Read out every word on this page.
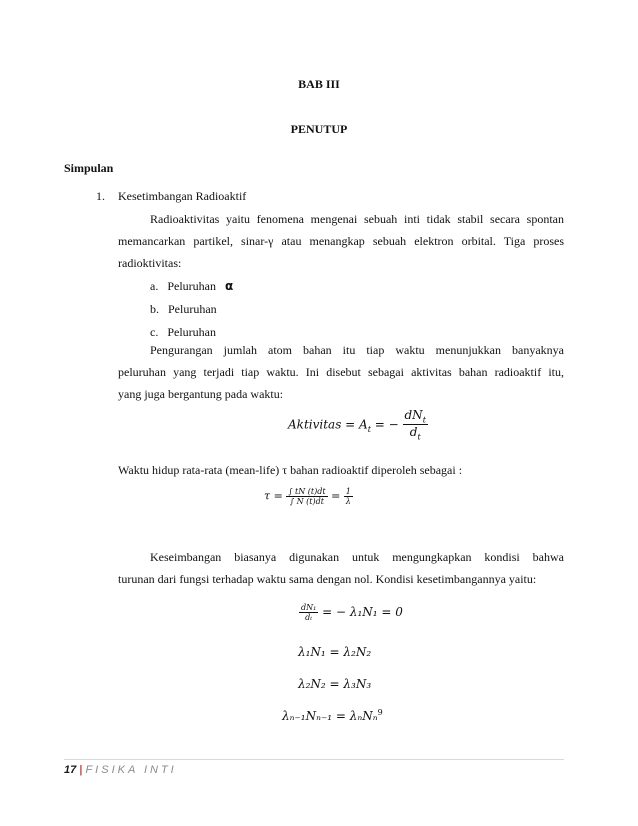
BAB III
PENUTUP
Simpulan
1. Kesetimbangan Radioaktif
Radioaktivitas yaitu fenomena mengenai sebuah inti tidak stabil secara spontan
memancarkan partikel, sinar-γ atau menangkap sebuah elektron orbital. Tiga proses
radioktivitas:
a. Peluruhan α
b. Peluruhan
c. Peluruhan
Pengurangan jumlah atom bahan itu tiap waktu menunjukkan banyaknya
peluruhan yang terjadi tiap waktu. Ini disebut sebagai aktivitas bahan radioaktif itu,
yang juga bergantung pada waktu:
Aktivitas = $A_t$ = − $\frac{dN_t}{d_t}$
Waktu hidup rata-rata (mean-life) τ bahan radioaktif diperoleh sebagai :
$\tau = \frac{\int tN (t)dt}{\int N (t)dt} = \frac{1}{\lambda}$
Keseimbangan biasanya digunakan untuk mengungkapkan kondisi bahwa
turunan dari fungsi terhadap waktu sama dengan nol. Kondisi kesetimbangannya yaitu:
$\frac{\text{dN₁}}{\text{dₜ}}$ = − λ₁N₁ = 0
λ₁N₁ = λ₂N₂
λ₂N₂ = λ₃N₃
λₙ₋₁Nₙ₋₁ = λₙNₙ$^9$
17 | FISIKA INTI
